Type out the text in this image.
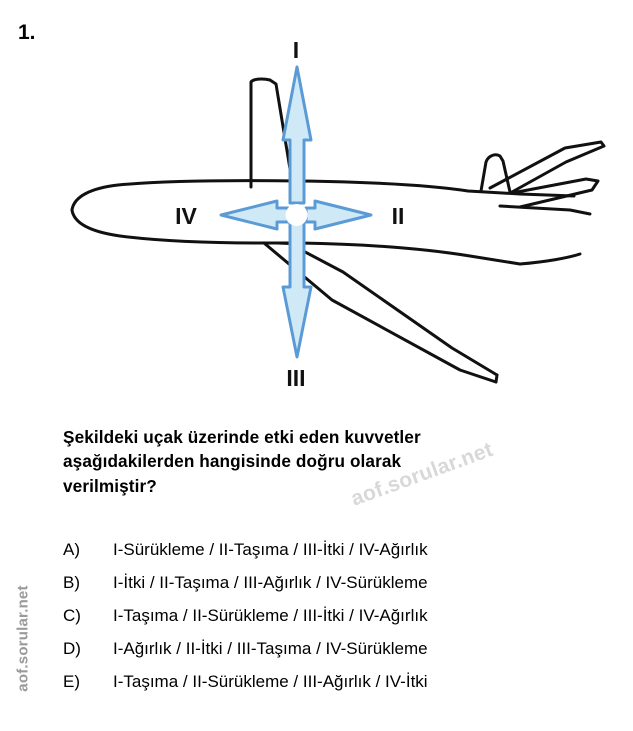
1.
I
II
III
IV
Şekildeki uçak üzerinde etki eden kuvvetler
aşağıdakilerden hangisinde doğru olarak
verilmiştir?
A)	I-Sürükleme / II-Taşıma / III-İtki / IV-Ağırlık
B)	I-İtki / II-Taşıma / III-Ağırlık / IV-Sürükleme
C)	I-Taşıma / II-Sürükleme / III-İtki / IV-Ağırlık
D)	I-Ağırlık / II-İtki / III-Taşıma / IV-Sürükleme
E)	I-Taşıma / II-Sürükleme / III-Ağırlık / IV-İtki
aof.sorular.net
aof.sorular.net
